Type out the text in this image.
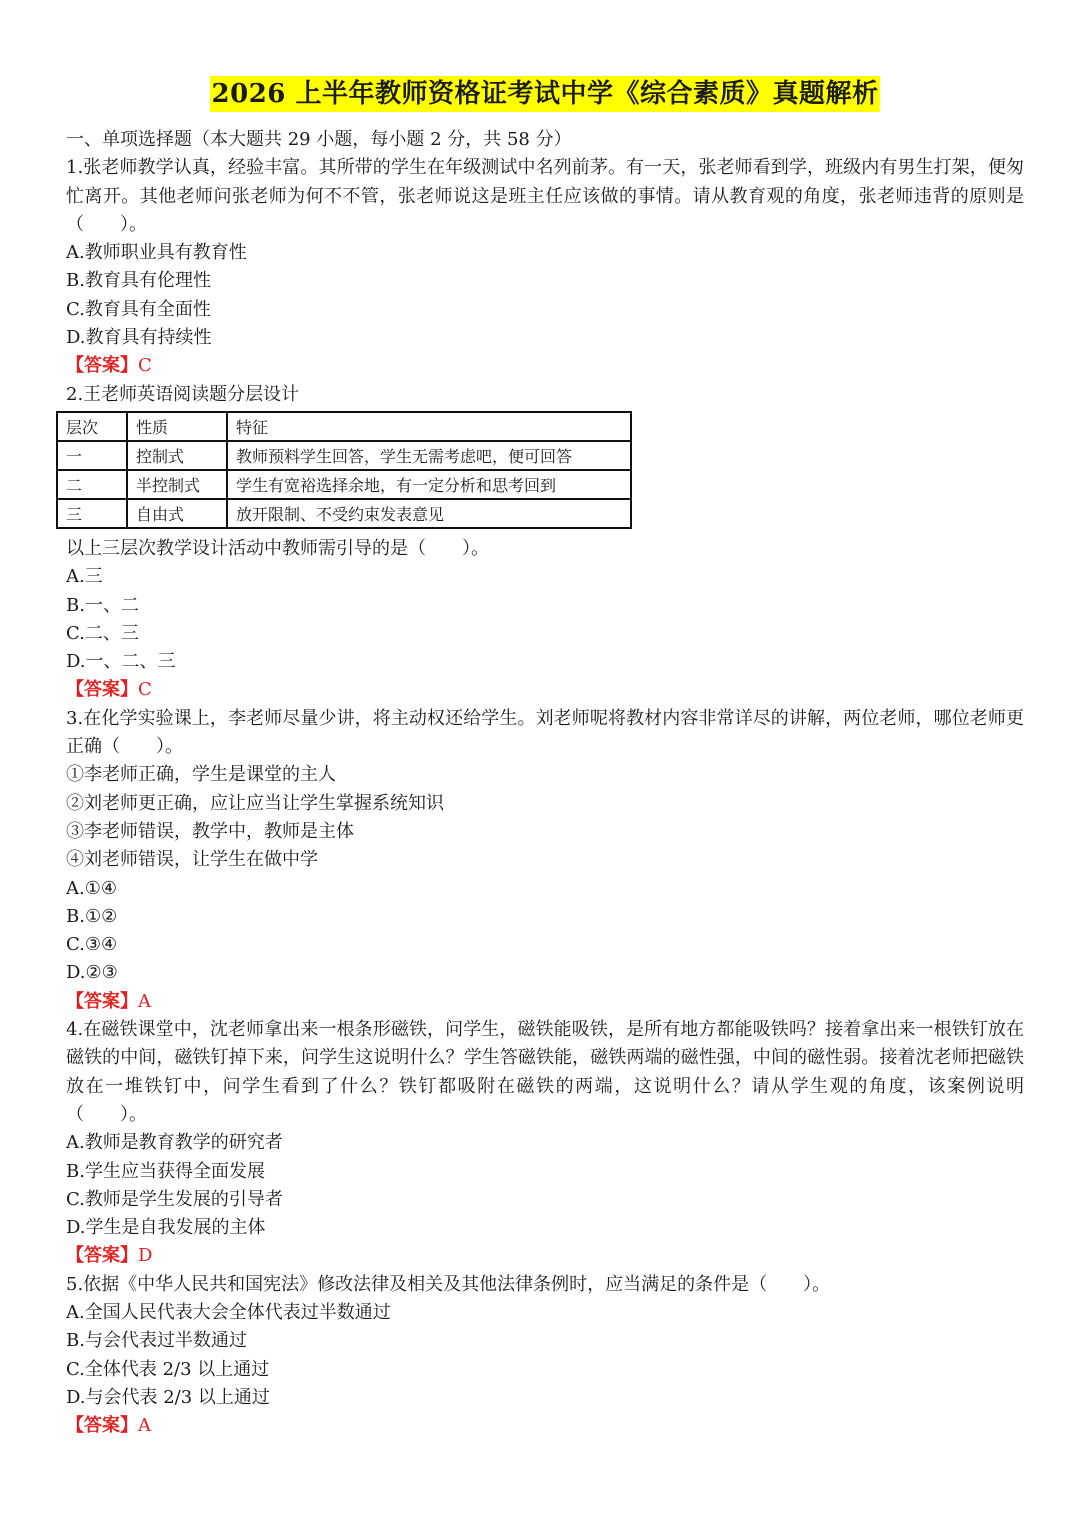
2026 上半年教师资格证考试中学《综合素质》真题解析
一、单项选择题（本大题共 29 小题，每小题 2 分，共 58 分）
1.张老师教学认真，经验丰富。其所带的学生在年级测试中名列前茅。有一天，张老师看到学，班级内有男生打架，便匆忙离开。其他老师问张老师为何不不管，张老师说这是班主任应该做的事情。请从教育观的角度，张老师违背的原则是（　　）。
A.教师职业具有教育性
B.教育具有伦理性
C.教育具有全面性
D.教育具有持续性
【答案】C
2.王老师英语阅读题分层设计
层次	性质	特征
一	控制式	教师预料学生回答，学生无需考虑吧，便可回答
二	半控制式	学生有宽裕选择余地，有一定分析和思考回到
三	自由式	放开限制、不受约束发表意见
以上三层次教学设计活动中教师需引导的是（　　）。
A.三
B.一、二
C.二、三
D.一、二、三
【答案】C
3.在化学实验课上，李老师尽量少讲，将主动权还给学生。刘老师呢将教材内容非常详尽的讲解，两位老师，哪位老师更正确（　　）。
①李老师正确，学生是课堂的主人
②刘老师更正确，应让应当让学生掌握系统知识
③李老师错误，教学中，教师是主体
④刘老师错误，让学生在做中学
A.①④
B.①②
C.③④
D.②③
【答案】A
4.在磁铁课堂中，沈老师拿出来一根条形磁铁，问学生，磁铁能吸铁，是所有地方都能吸铁吗？接着拿出来一根铁钉放在磁铁的中间，磁铁钉掉下来，问学生这说明什么？学生答磁铁能，磁铁两端的磁性强，中间的磁性弱。接着沈老师把磁铁放在一堆铁钉中，问学生看到了什么？铁钉都吸附在磁铁的两端，这说明什么？请从学生观的角度，该案例说明（　　）。
A.教师是教育教学的研究者
B.学生应当获得全面发展
C.教师是学生发展的引导者
D.学生是自我发展的主体
【答案】D
5.依据《中华人民共和国宪法》修改法律及相关及其他法律条例时，应当满足的条件是（　　）。
A.全国人民代表大会全体代表过半数通过
B.与会代表过半数通过
C.全体代表 2/3 以上通过
D.与会代表 2/3 以上通过
【答案】A
